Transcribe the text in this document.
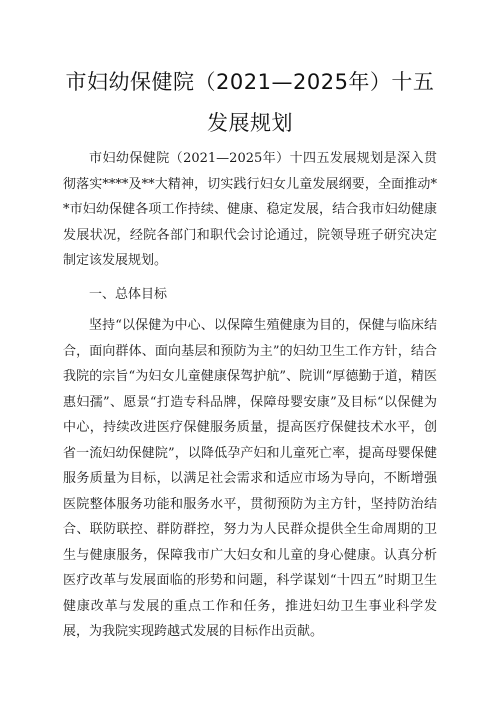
市妇幼保健院（2021—2025年）十五
发展规划

市妇幼保健院（2021—2025年）十四五发展规划是深入贯彻落实****及**大精神，切实践行妇女儿童发展纲要，全面推动**市妇幼保健各项工作持续、健康、稳定发展，结合我市妇幼健康发展状况，经院各部门和职代会讨论通过，院领导班子研究决定制定该发展规划。

一、总体目标

坚持“以保健为中心、以保障生殖健康为目的，保健与临床结合，面向群体、面向基层和预防为主”的妇幼卫生工作方针，结合我院的宗旨“为妇女儿童健康保驾护航”、院训“厚德勤于道，精医惠妇孺”、愿景“打造专科品牌，保障母婴安康”及目标“以保健为中心，持续改进医疗保健服务质量，提高医疗保健技术水平，创省一流妇幼保健院”，以降低孕产妇和儿童死亡率，提高母婴保健服务质量为目标，以满足社会需求和适应市场为导向，不断增强医院整体服务功能和服务水平，贯彻预防为主方针，坚持防治结合、联防联控、群防群控，努力为人民群众提供全生命周期的卫生与健康服务，保障我市广大妇女和儿童的身心健康。认真分析医疗改革与发展面临的形势和问题，科学谋划“十四五”时期卫生健康改革与发展的重点工作和任务，推进妇幼卫生事业科学发展，为我院实现跨越式发展的目标作出贡献。
